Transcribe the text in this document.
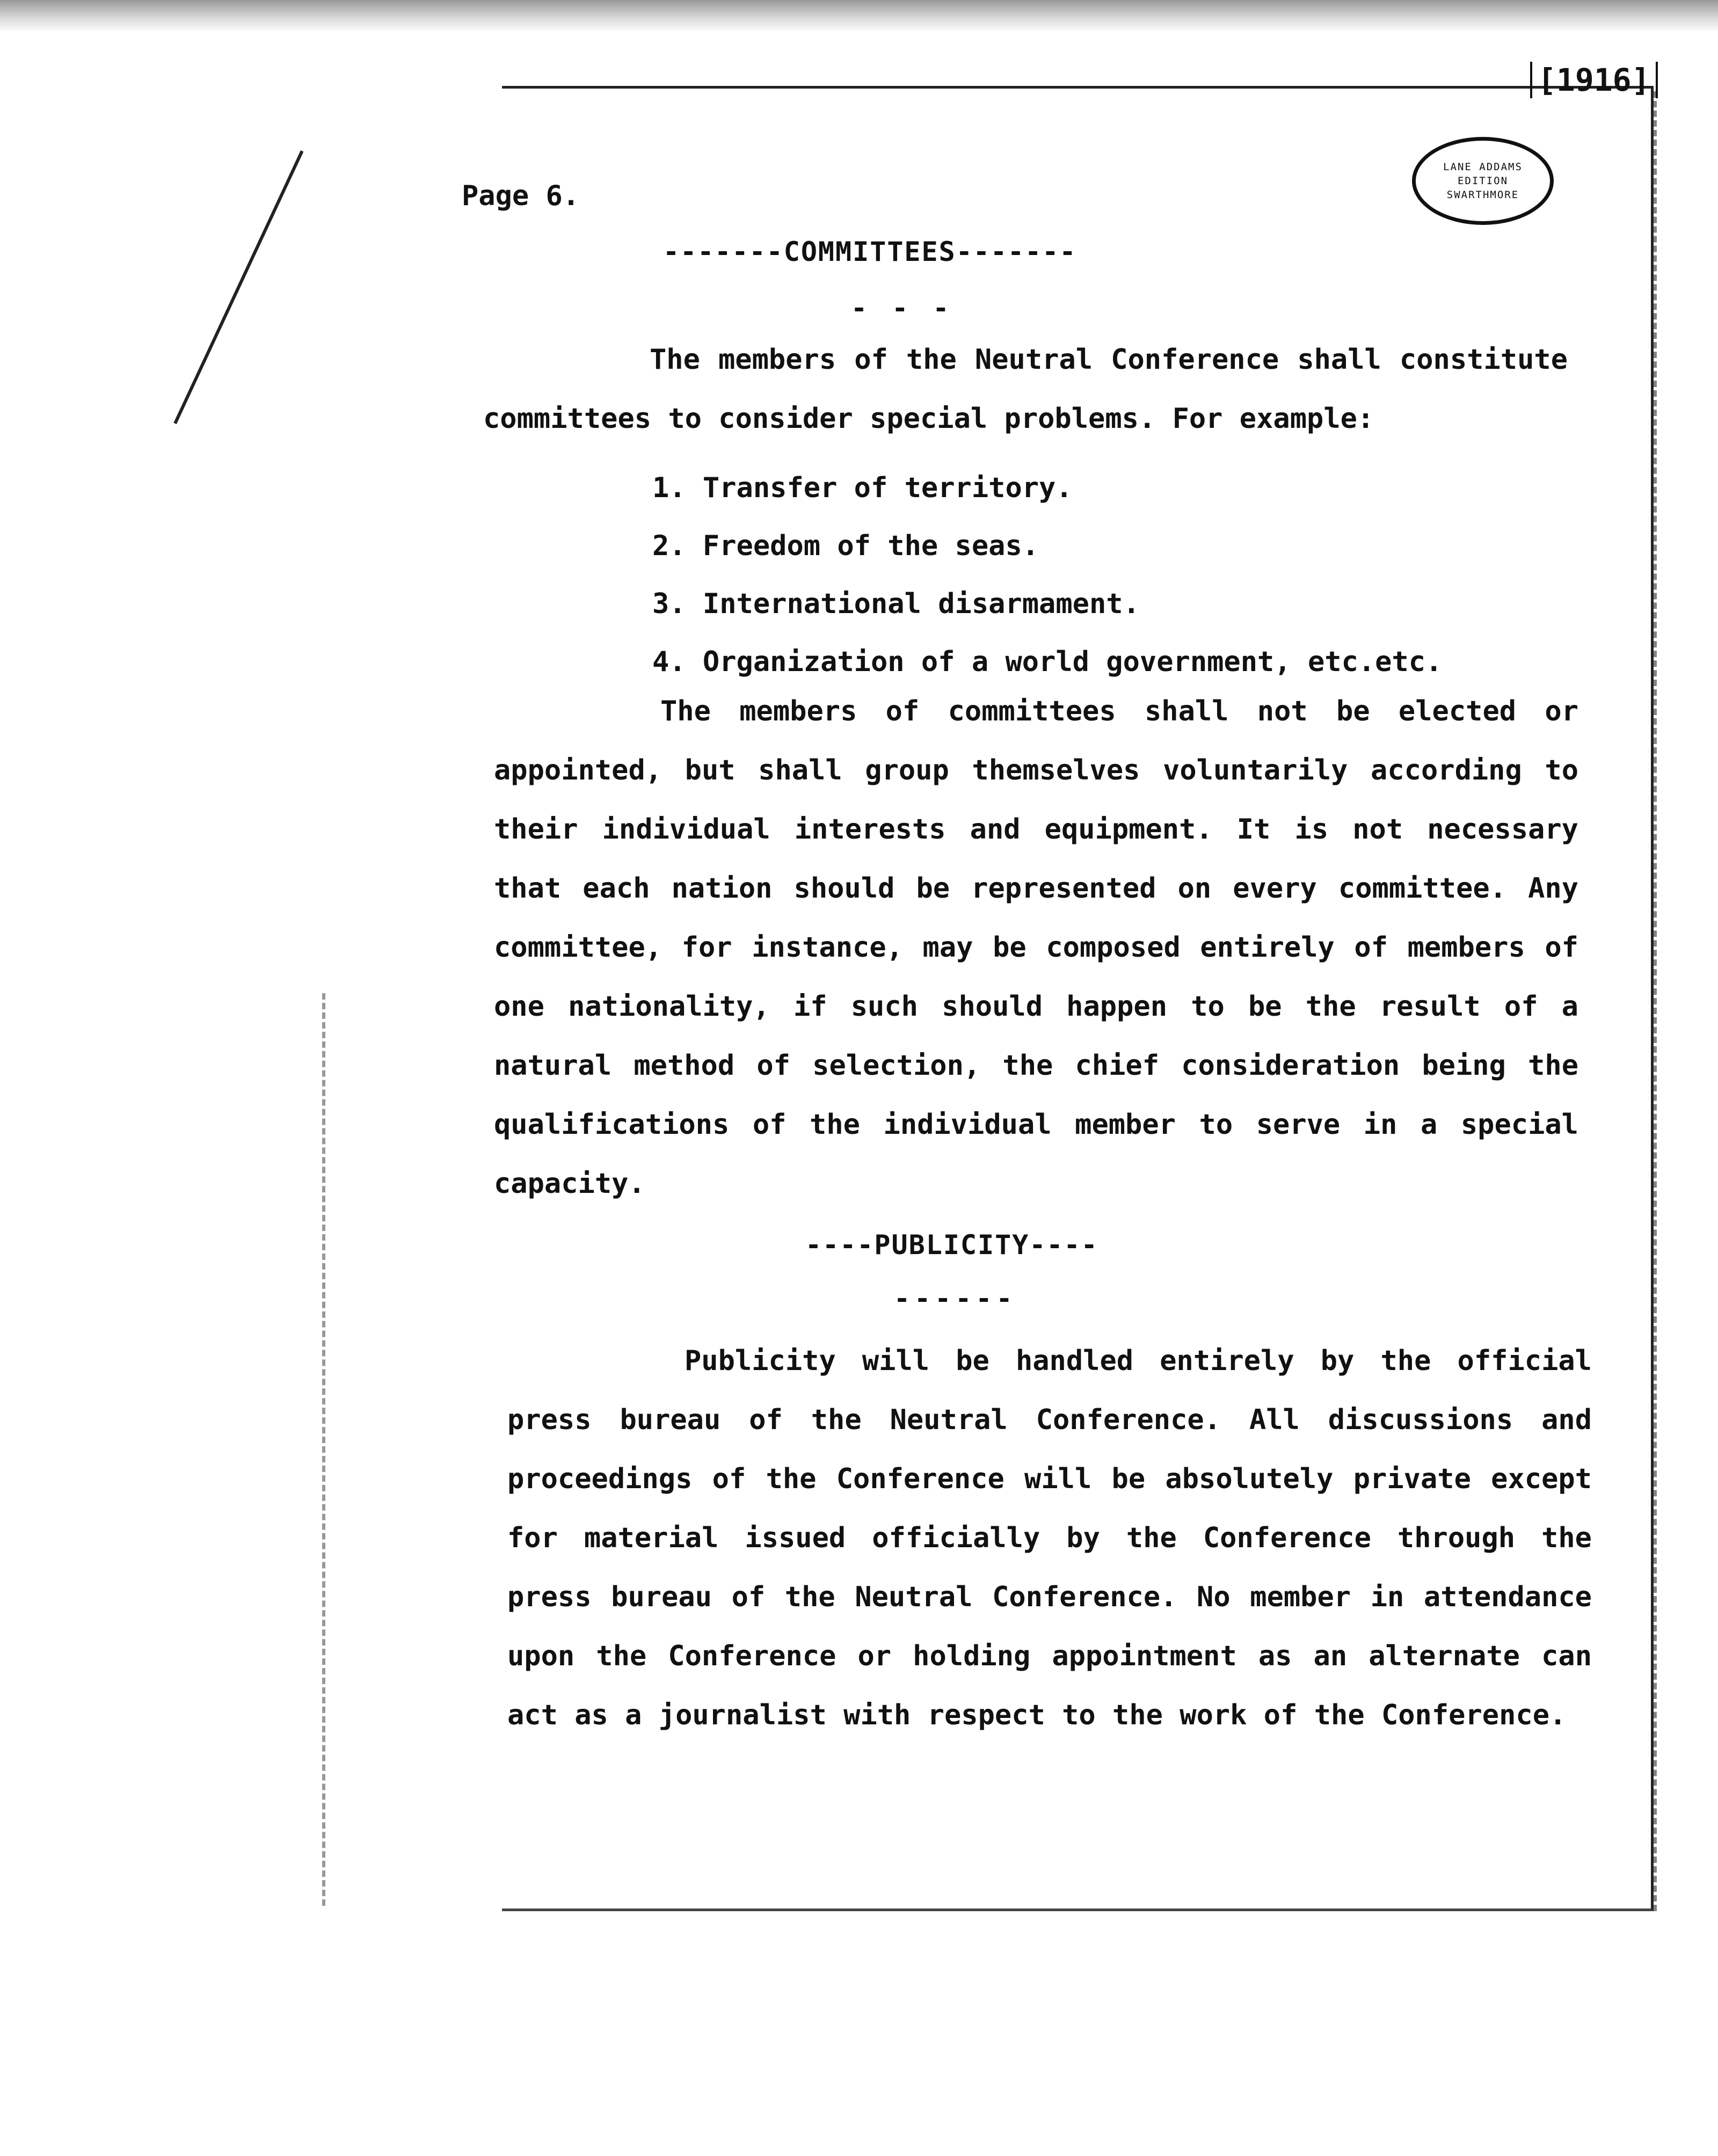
[1916]
LANE ADDAMS
EDITION
SWARTHMORE
Page 6.
-------COMMITTEES-------
- - -

The members of the Neutral Conference shall constitute committees to consider special problems. For example:

1. Transfer of territory.
2. Freedom of the seas.
3. International disarmament.
4. Organization of a world government, etc.etc.

The members of committees shall not be elected or appointed, but shall group themselves voluntarily according to their individual interests and equipment. It is not necessary that each nation should be represented on every committee. Any committee, for instance, may be composed entirely of members of one nationality, if such should happen to be the result of a natural method of selection, the chief consideration being the qualifications of the individual member to serve in a special capacity.

----PUBLICITY----
------

Publicity will be handled entirely by the official press bureau of the Neutral Conference. All discussions and proceedings of the Conference will be absolutely private except for material issued officially by the Conference through the press bureau of the Neutral Conference. No member in attendance upon the Conference or holding appointment as an alternate can act as a journalist with respect to the work of the Conference.
